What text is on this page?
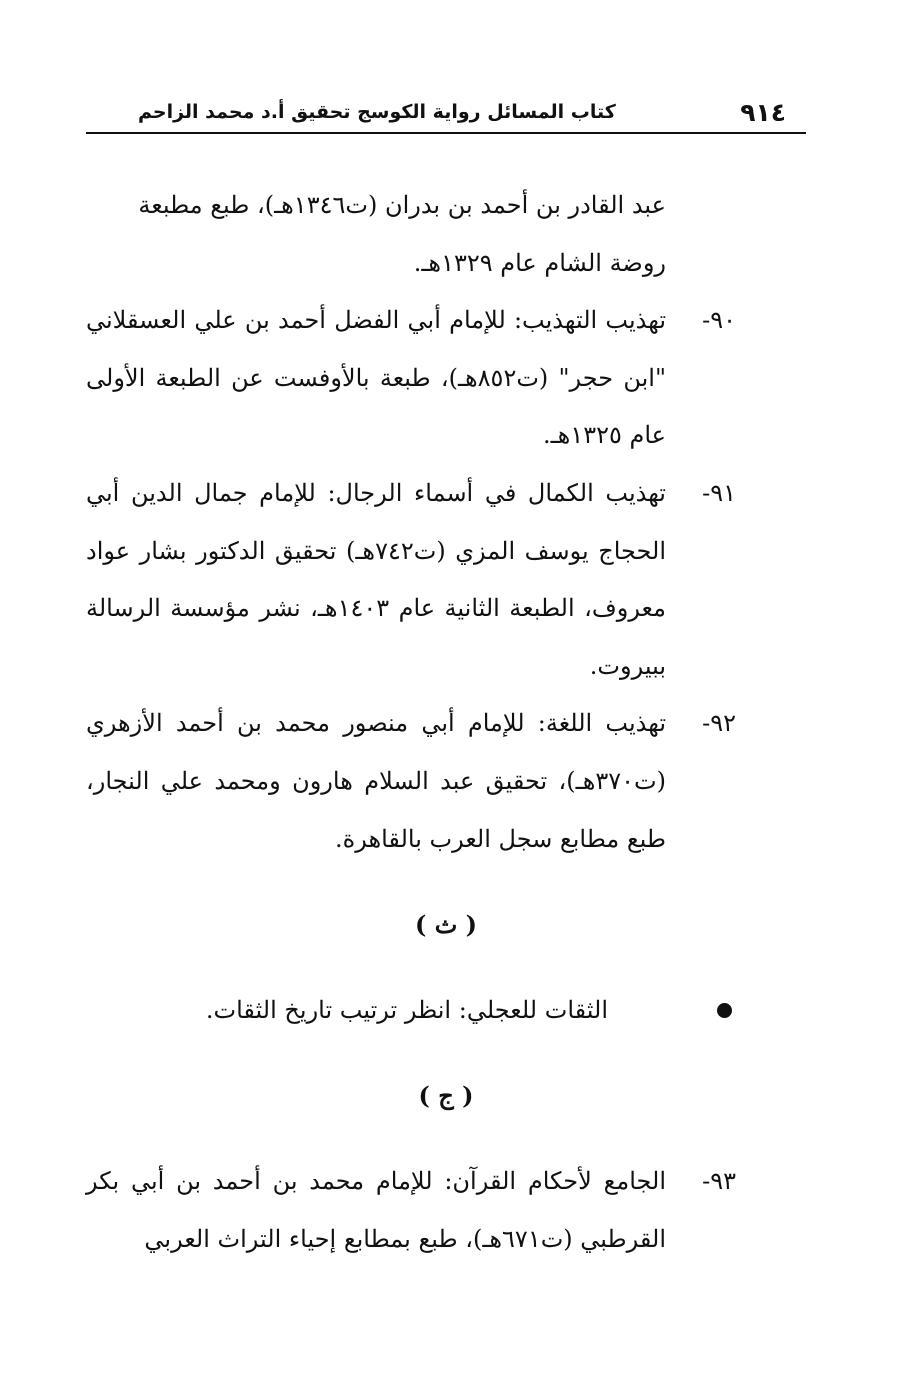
٩١٤
كتاب المسائل رواية الكوسج تحقيق أ.د محمد الزاحم

عبد القادر بن أحمد بن بدران (ت١٣٤٦هـ)، طبع مطبعة
روضة الشام عام ١٣٢٩هـ.

٩٠-
تهذيب التهذيب: للإمام أبي الفضل أحمد بن علي العسقلاني "ابن حجر" (ت٨٥٢هـ)، طبعة بالأوفست عن الطبعة الأولى عام ١٣٢٥هـ.
٩١-
تهذيب الكمال في أسماء الرجال: للإمام جمال الدين أبي الحجاج يوسف المزي (ت٧٤٢هـ) تحقيق الدكتور بشار عواد معروف، الطبعة الثانية عام ١٤٠٣هـ، نشر مؤسسة الرسالة ببيروت.
٩٢-
تهذيب اللغة: للإمام أبي منصور محمد بن أحمد الأزهري (ت٣٧٠هـ)، تحقيق عبد السلام هارون ومحمد علي النجار، طبع مطابع سجل العرب بالقاهرة.
( ث )
الثقات للعجلي: انظر ترتيب تاريخ الثقات.
( ج )
٩٣-
الجامع لأحكام القرآن: للإمام محمد بن أحمد بن أبي بكر القرطبي (ت٦٧١هـ)، طبع بمطابع إحياء التراث العربي
